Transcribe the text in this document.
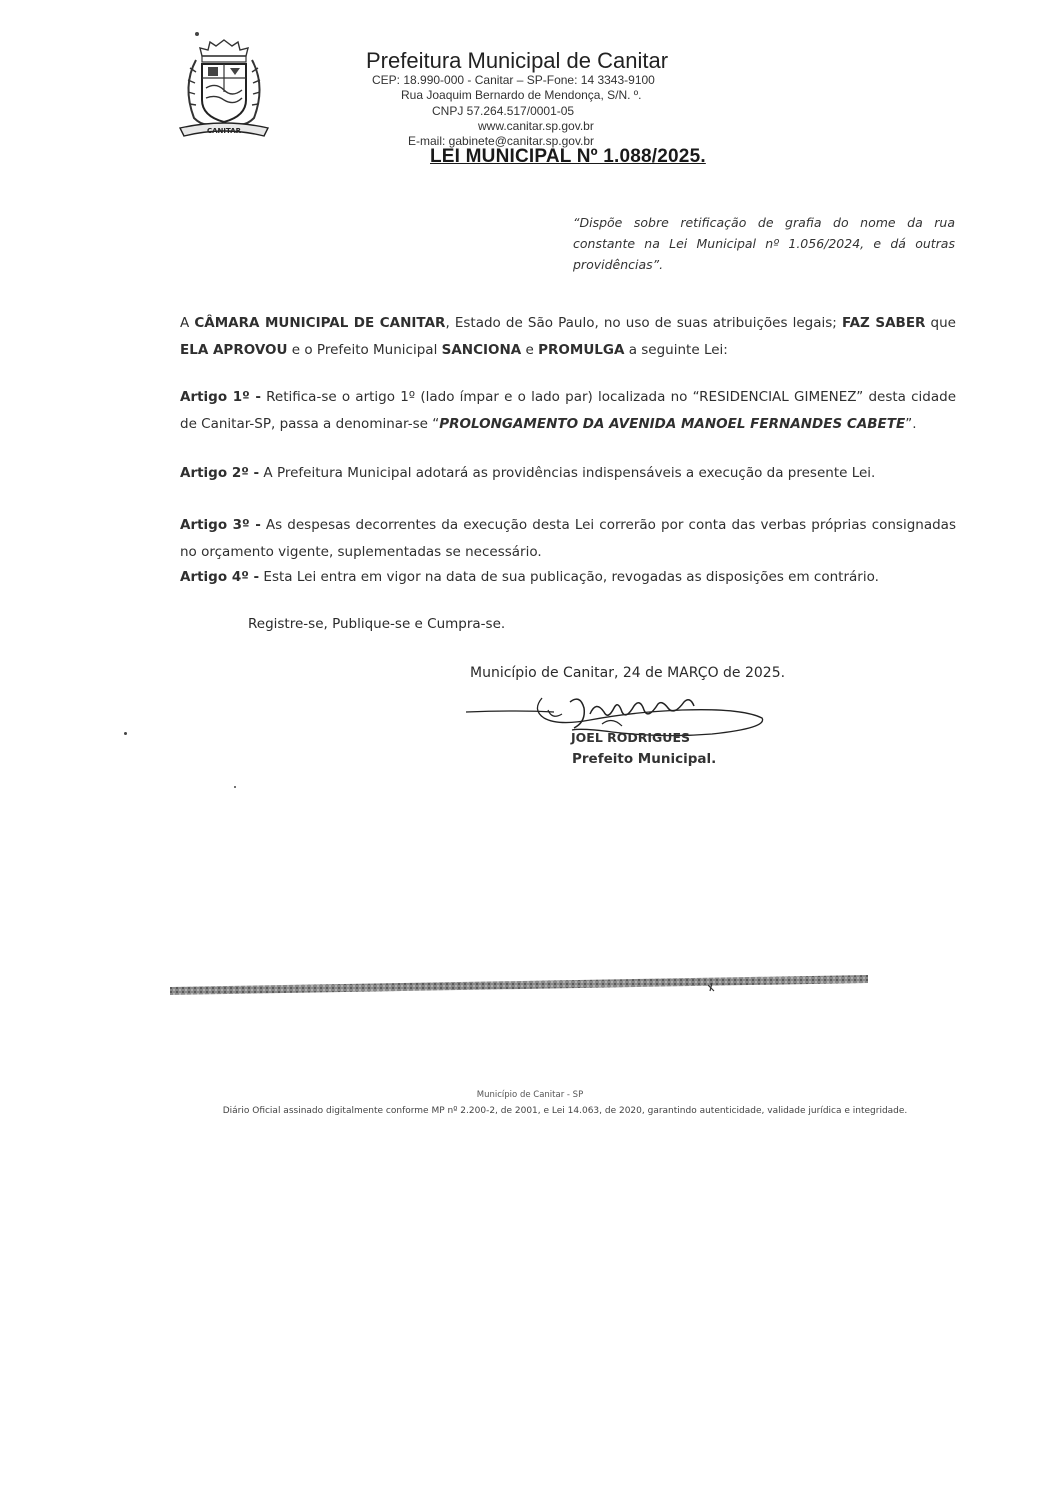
CANITAR
Prefeitura Municipal de Canitar
CEP: 18.990-000 - Canitar – SP-Fone: 14 3343-9100
Rua Joaquim Bernardo de Mendonça, S/N. º.
CNPJ 57.264.517/0001-05
www.canitar.sp.gov.br
E-mail: gabinete@canitar.sp.gov.br
LEI MUNICIPAL Nº 1.088/2025.
“Dispõe sobre retificação de grafia do nome da rua constante na Lei Municipal nº 1.056/2024, e dá outras providências”.
A CÂMARA MUNICIPAL DE CANITAR, Estado de São Paulo, no uso de suas atribuições legais; FAZ SABER que ELA APROVOU e o Prefeito Municipal SANCIONA e PROMULGA a seguinte Lei:
Artigo 1º - Retifica-se o artigo 1º (lado ímpar e o lado par) localizada no “RESIDENCIAL GIMENEZ” desta cidade de Canitar-SP, passa a denominar-se “PROLONGAMENTO DA AVENIDA MANOEL FERNANDES CABETE”.
Artigo 2º - A Prefeitura Municipal adotará as providências indispensáveis a execução da presente Lei.
Artigo 3º - As despesas decorrentes da execução desta Lei correrão por conta das verbas próprias consignadas no orçamento vigente, suplementadas se necessário.
Artigo 4º - Esta Lei entra em vigor na data de sua publicação, revogadas as disposições em contrário.
Registre-se, Publique-se e Cumpra-se.
Município de Canitar, 24 de MARÇO de 2025.
JOEL RODRIGUES
Prefeito Municipal.
Município de Canitar - SP
Diário Oficial assinado digitalmente conforme MP nº 2.200-2, de 2001, e Lei 14.063, de 2020, garantindo autenticidade, validade jurídica e integridade.
